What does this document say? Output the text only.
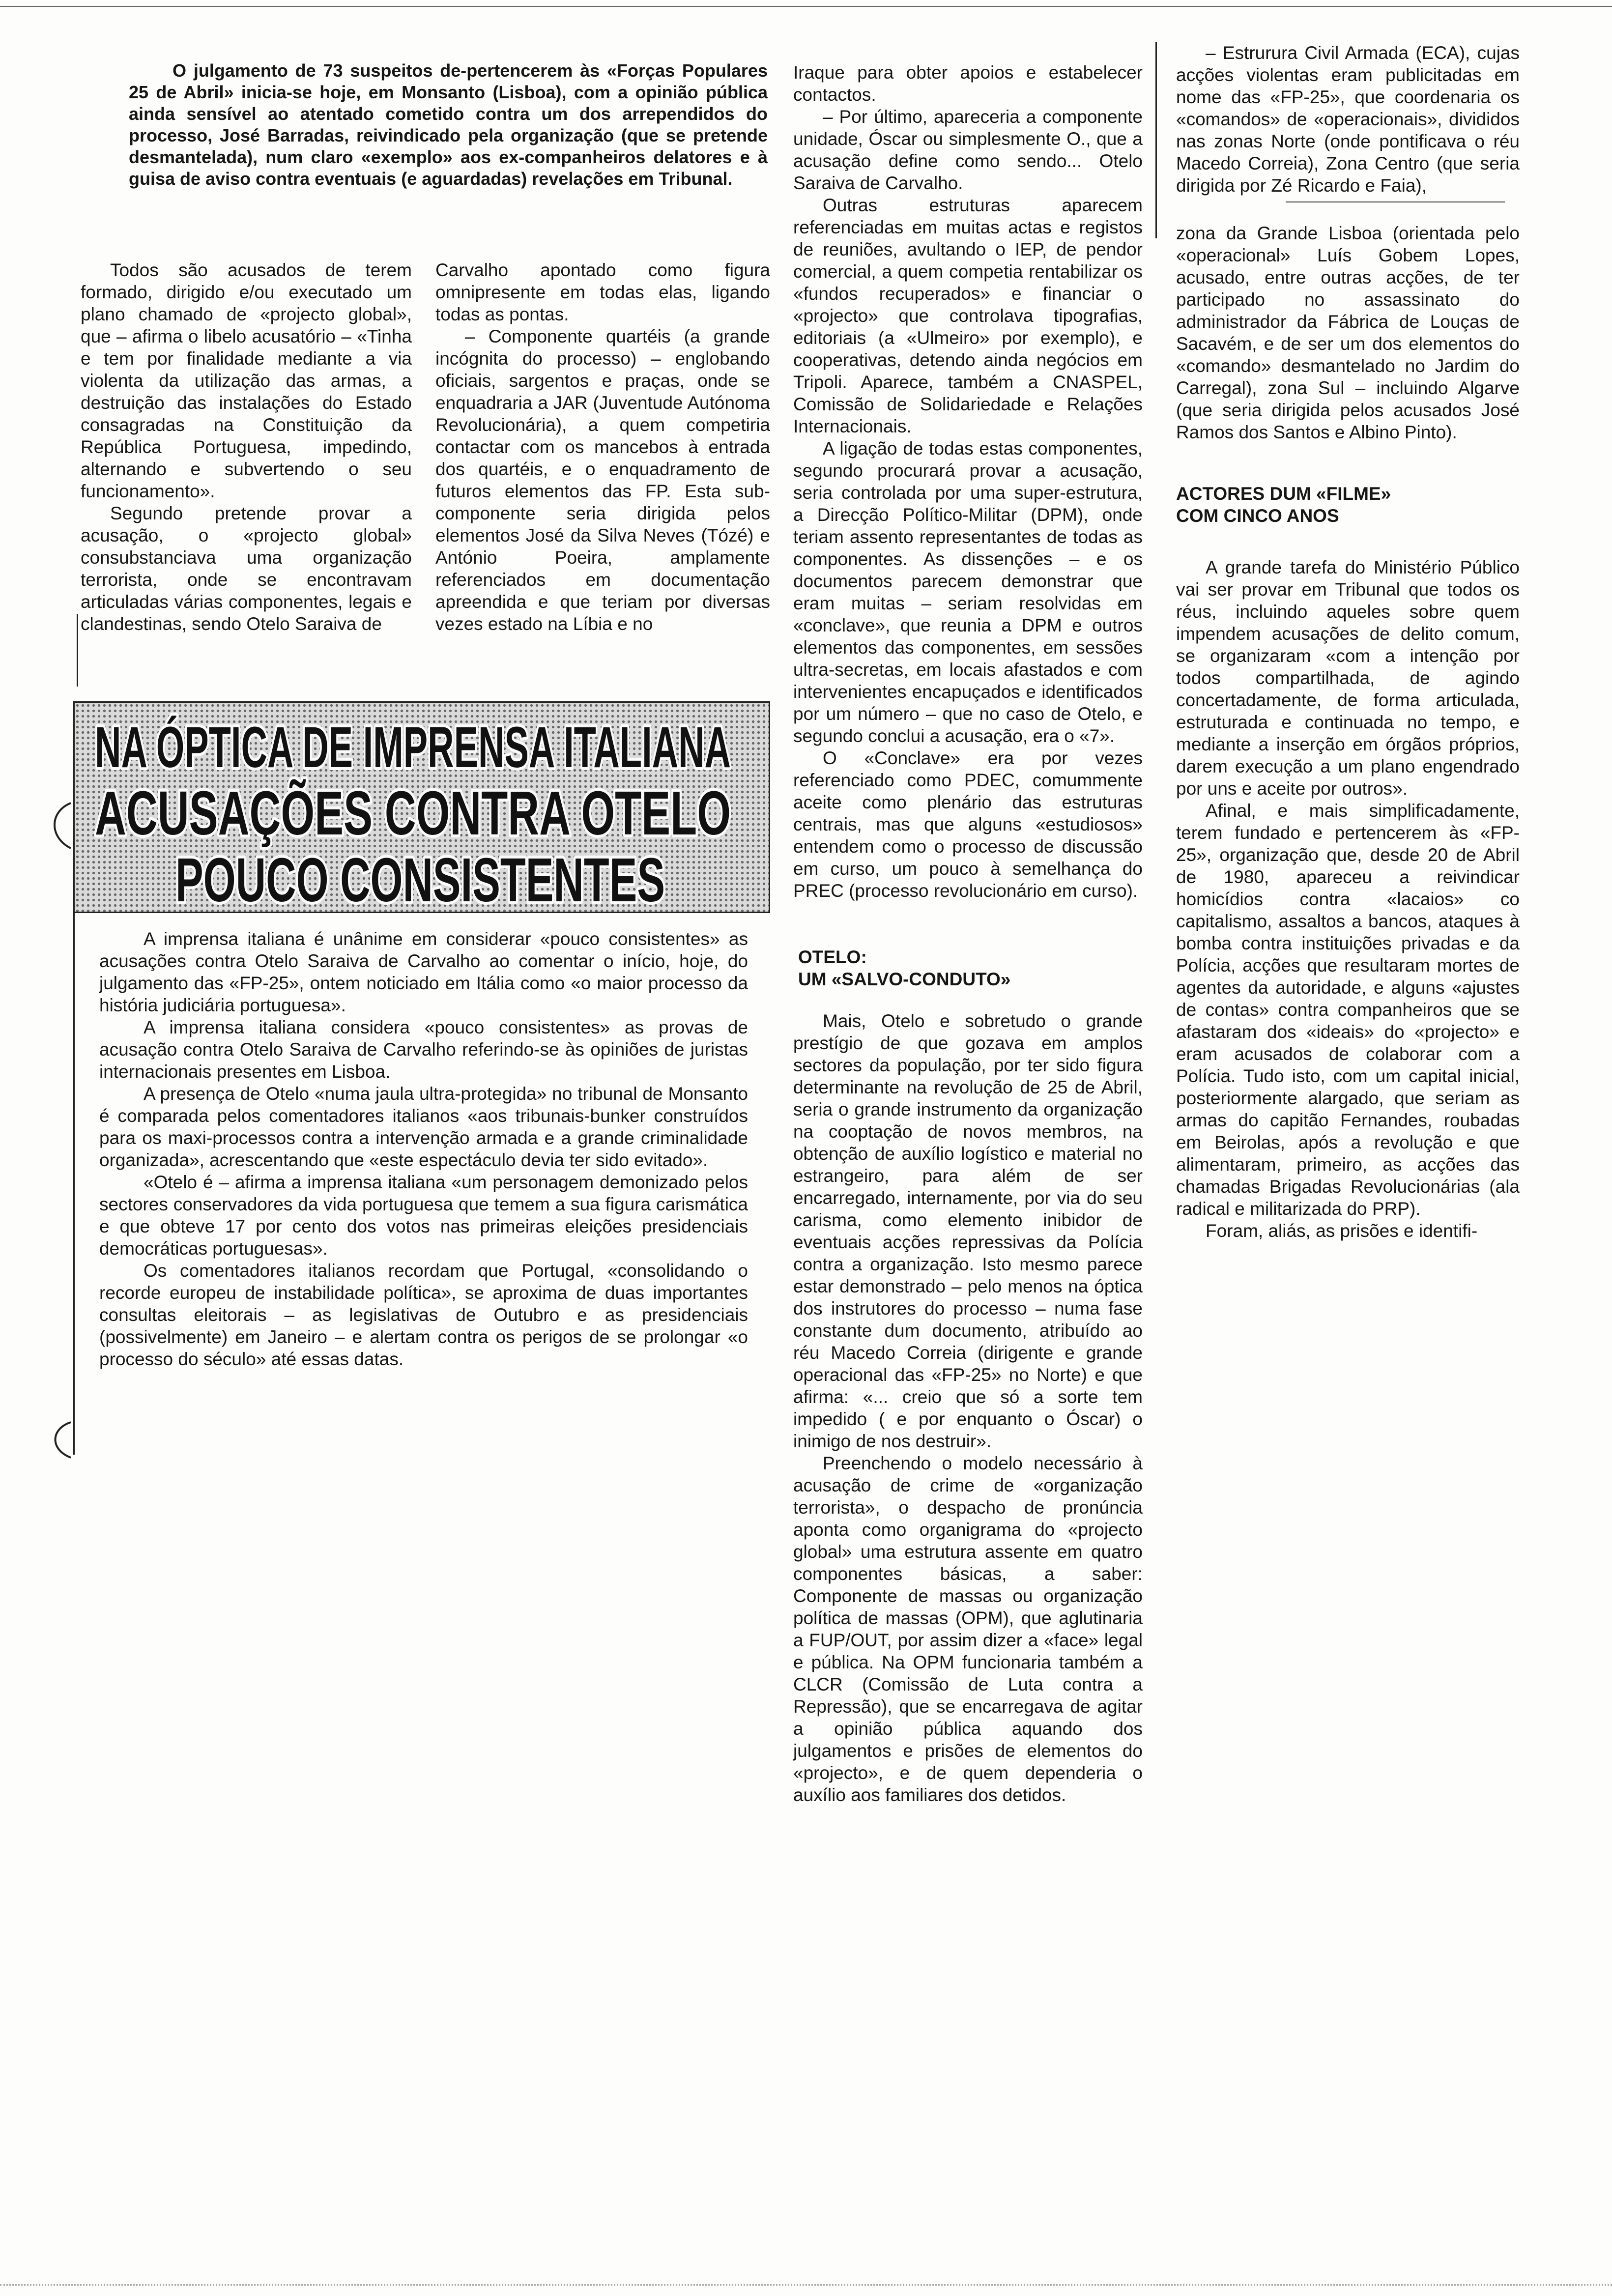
O julgamento de 73 suspeitos de-pertencerem às «Forças Populares 25 de Abril» inicia-se hoje, em Monsanto (Lisboa), com a opinião pública ainda sensível ao atentado cometido contra um dos arrependidos do processo, José Barradas, reivindicado pela organização (que se pretende desmantelada), num claro «exemplo» aos ex-companheiros delatores e à guisa de aviso contra eventuais (e aguardadas) revelações em Tribunal.

Todos são acusados de terem formado, dirigido e/ou executado um plano chamado de «projecto global», que – afirma o libelo acusatório – «Tinha e tem por finalidade mediante a via violenta da utilização das armas, a destruição das instalações do Estado consagradas na Constituição da República Portuguesa, impedindo, alternando e subvertendo o seu funcionamento».

Segundo pretende provar a acusação, o «projecto global» consubstanciava uma organização terrorista, onde se encontravam articuladas várias componentes, legais e clandestinas, sendo Otelo Saraiva de

Carvalho apontado como figura omnipresente em todas elas, ligando todas as pontas.

– Componente quartéis (a grande incógnita do processo) – englobando oficiais, sargentos e praças, onde se enquadraria a JAR (Juventude Autónoma Revolucionária), a quem competiria contactar com os mancebos à entrada dos quartéis, e o enquadramento de futuros elementos das FP. Esta sub-componente seria dirigida pelos elementos José da Silva Neves (Tózé) e António Poeira, amplamente referenciados em documentação apreendida e que teriam por diversas vezes estado na Líbia e no

NA ÓPTICA DE IMPRENSA ITALIANA
ACUSAÇÕES CONTRA OTELO
POUCO CONSISTENTES

A imprensa italiana é unânime em considerar «pouco consistentes» as acusações contra Otelo Saraiva de Carvalho ao comentar o início, hoje, do julgamento das «FP-25», ontem noticiado em Itália como «o maior processo da história judiciária portuguesa».

A imprensa italiana considera «pouco consistentes» as provas de acusação contra Otelo Saraiva de Carvalho referindo-se às opiniões de juristas internacionais presentes em Lisboa.

A presença de Otelo «numa jaula ultra-protegida» no tribunal de Monsanto é comparada pelos comentadores italianos «aos tribunais-bunker construídos para os maxi-processos contra a intervenção armada e a grande criminalidade organizada», acrescentando que «este espectáculo devia ter sido evitado».

«Otelo é – afirma a imprensa italiana «um personagem demonizado pelos sectores conservadores da vida portuguesa que temem a sua figura carismática e que obteve 17 por cento dos votos nas primeiras eleições presidenciais democráticas portuguesas».

Os comentadores italianos recordam que Portugal, «consolidando o recorde europeu de instabilidade política», se aproxima de duas importantes consultas eleitorais – as legislativas de Outubro e as presidenciais (possivelmente) em Janeiro – e alertam contra os perigos de se prolongar «o processo do século» até essas datas.

Iraque para obter apoios e estabelecer contactos.

– Por último, apareceria a componente unidade, Óscar ou simplesmente O., que a acusação define como sendo... Otelo Saraiva de Carvalho.

Outras estruturas aparecem referenciadas em muitas actas e registos de reuniões, avultando o IEP, de pendor comercial, a quem competia rentabilizar os «fundos recuperados» e financiar o «projecto» que controlava tipografias, editoriais (a «Ulmeiro» por exemplo), e cooperativas, detendo ainda negócios em Tripoli. Aparece, também a CNASPEL, Comissão de Solidariedade e Relações Internacionais.

A ligação de todas estas componentes, segundo procurará provar a acusação, seria controlada por uma super-estrutura, a Direcção Político-Militar (DPM), onde teriam assento representantes de todas as componentes. As dissenções – e os documentos parecem demonstrar que eram muitas – seriam resolvidas em «conclave», que reunia a DPM e outros elementos das componentes, em sessões ultra-secretas, em locais afastados e com intervenientes encapuçados e identificados por um número – que no caso de Otelo, e segundo conclui a acusação, era o «7».

O «Conclave» era por vezes referenciado como PDEC, comummente aceite como plenário das estruturas centrais, mas que alguns «estudiosos» entendem como o processo de discussão em curso, um pouco à semelhança do PREC (processo revolucionário em curso).

OTELO:
UM «SALVO-CONDUTO»

Mais, Otelo e sobretudo o grande prestígio de que gozava em amplos sectores da população, por ter sido figura determinante na revolução de 25 de Abril, seria o grande instrumento da organização na cooptação de novos membros, na obtenção de auxílio logístico e material no estrangeiro, para além de ser encarregado, internamente, por via do seu carisma, como elemento inibidor de eventuais acções repressivas da Polícia contra a organização. Isto mesmo parece estar demonstrado – pelo menos na óptica dos instrutores do processo – numa fase constante dum documento, atribuído ao réu Macedo Correia (dirigente e grande operacional das «FP-25» no Norte) e que afirma: «... creio que só a sorte tem impedido ( e por enquanto o Óscar) o inimigo de nos destruir».

Preenchendo o modelo necessário à acusação de crime de «organização terrorista», o despacho de pronúncia aponta como organigrama do «projecto global» uma estrutura assente em quatro componentes básicas, a saber: Componente de massas ou organização política de massas (OPM), que aglutinaria a FUP/OUT, por assim dizer a «face» legal e pública. Na OPM funcionaria também a CLCR (Comissão de Luta contra a Repressão), que se encarregava de agitar a opinião pública aquando dos julgamentos e prisões de elementos do «projecto», e de quem dependeria o auxílio aos familiares dos detidos.

– Estrurura Civil Armada (ECA), cujas acções violentas eram publicitadas em nome das «FP-25», que coordenaria os «comandos» de «operacionais», divididos nas zonas Norte (onde pontificava o réu Macedo Correia), Zona Centro (que seria dirigida por Zé Ricardo e Faia),

zona da Grande Lisboa (orientada pelo «operacional» Luís Gobem Lopes, acusado, entre outras acções, de ter participado no assassinato do administrador da Fábrica de Louças de Sacavém, e de ser um dos elementos do «comando» desmantelado no Jardim do Carregal), zona Sul – incluindo Algarve (que seria dirigida pelos acusados José Ramos dos Santos e Albino Pinto).

ACTORES DUM «FILME»
COM CINCO ANOS

A grande tarefa do Ministério Público vai ser provar em Tribunal que todos os réus, incluindo aqueles sobre quem impendem acusações de delito comum, se organizaram «com a intenção por todos compartilhada, de agindo concertadamente, de forma articulada, estruturada e continuada no tempo, e mediante a inserção em órgãos próprios, darem execução a um plano engendrado por uns e aceite por outros».

Afinal, e mais simplificadamente, terem fundado e pertencerem às «FP-25», organização que, desde 20 de Abril de 1980, apareceu a reivindicar homicídios contra «lacaios» co capitalismo, assaltos a bancos, ataques à bomba contra instituições privadas e da Polícia, acções que resultaram mortes de agentes da autoridade, e alguns «ajustes de contas» contra companheiros que se afastaram dos «ideais» do «projecto» e eram acusados de colaborar com a Polícia. Tudo isto, com um capital inicial, posteriormente alargado, que seriam as armas do capitão Fernandes, roubadas em Beirolas, após a revolução e que alimentaram, primeiro, as acções das chamadas Brigadas Revolucionárias (ala radical e militarizada do PRP).

Foram, aliás, as prisões e identifi-
